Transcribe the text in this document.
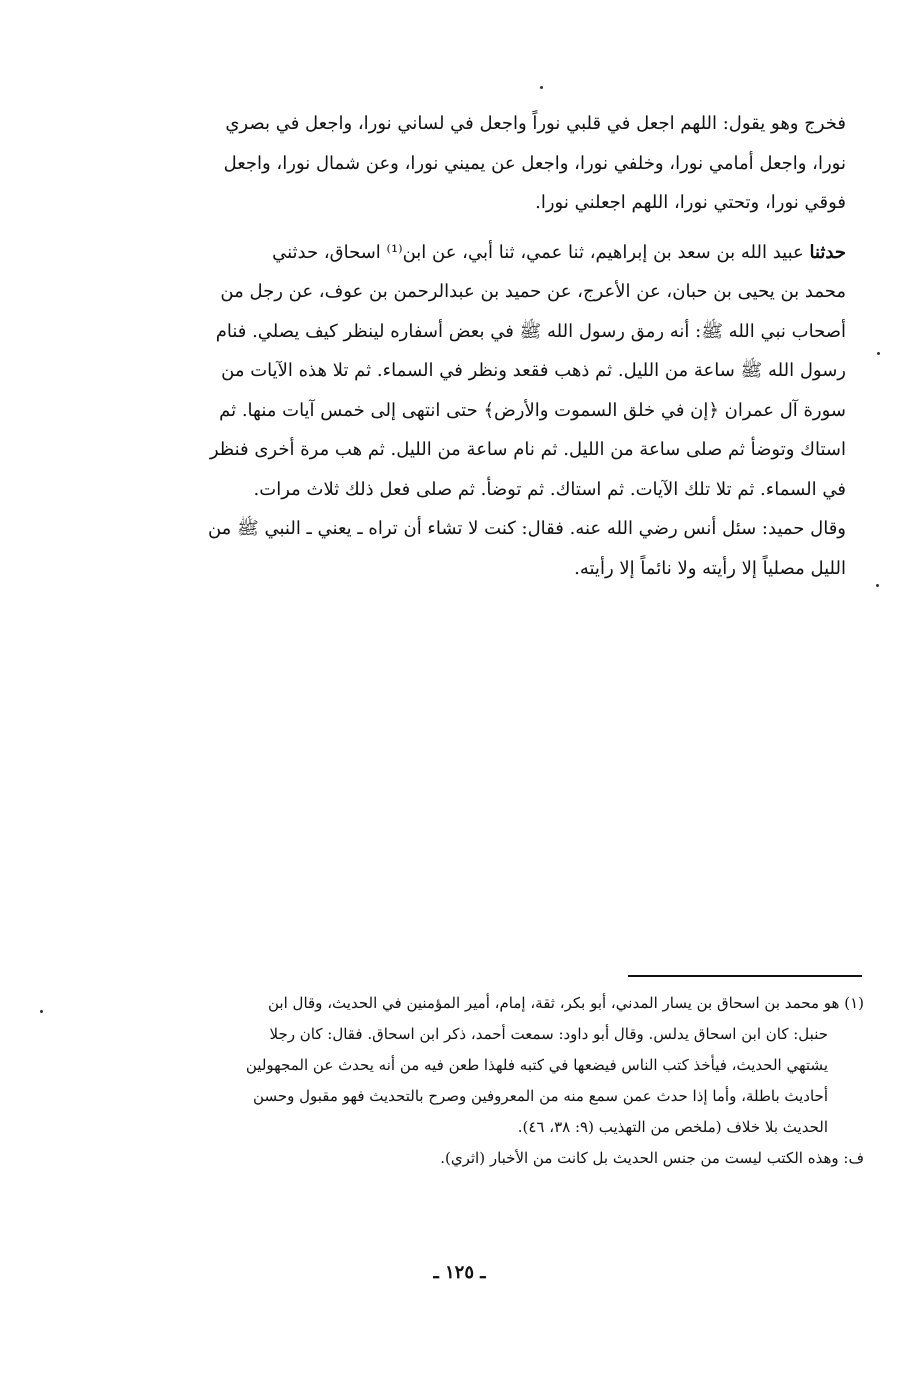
فخرج وهو يقول: اللهم اجعل في قلبي نوراً واجعل في لساني نورا، واجعل في بصري

نورا، واجعل أمامي نورا، وخلفي نورا، واجعل عن يميني نورا، وعن شمال نورا، واجعل

فوقي نورا، وتحتي نورا، اللهم اجعلني نورا.

حدثنا عبيد الله بن سعد بن إبراهيم، ثنا عمي، ثنا أبي، عن ابن⁽¹⁾ اسحاق، حدثني

محمد بن يحيى بن حبان، عن الأعرج، عن حميد بن عبدالرحمن بن عوف، عن رجل من

أصحاب نبي الله ﷺ: أنه رمق رسول الله ﷺ في بعض أسفاره لينظر كيف يصلي. فنام

رسول الله ﷺ ساعة من الليل. ثم ذهب فقعد ونظر في السماء. ثم تلا هذه الآيات من

سورة آل عمران ﴿إن في خلق السموت والأرض﴾ حتى انتهى إلى خمس آيات منها. ثم

استاك وتوضأ ثم صلى ساعة من الليل. ثم نام ساعة من الليل. ثم هب مرة أخرى فنظر

في السماء. ثم تلا تلك الآيات. ثم استاك. ثم توضأ. ثم صلى فعل ذلك ثلاث مرات.

وقال حميد: سئل أنس رضي الله عنه. فقال: كنت لا تشاء أن تراه ـ يعني ـ النبي ﷺ من

الليل مصلياً إلا رأيته ولا نائماً إلا رأيته.

(١) هو محمد بن اسحاق بن يسار المدني، أبو بكر، ثقة، إمام، أمير المؤمنين في الحديث، وقال ابن

حنبل: كان ابن اسحاق يدلس. وقال أبو داود: سمعت أحمد، ذكر ابن اسحاق. فقال: كان رجلا

يشتهي الحديث، فيأخذ كتب الناس فيضعها في كتبه فلهذا طعن فيه من أنه يحدث عن المجهولين

أحاديث باطلة، وأما إذا حدث عمن سمع منه من المعروفين وصرح بالتحديث فهو مقبول وحسن

الحديث بلا خلاف (ملخص من التهذيب (٩: ٣٨، ٤٦).

ف: وهذه الكتب ليست من جنس الحديث بل كانت من الأخبار (اثري).

ـ ١٢٥ ـ
